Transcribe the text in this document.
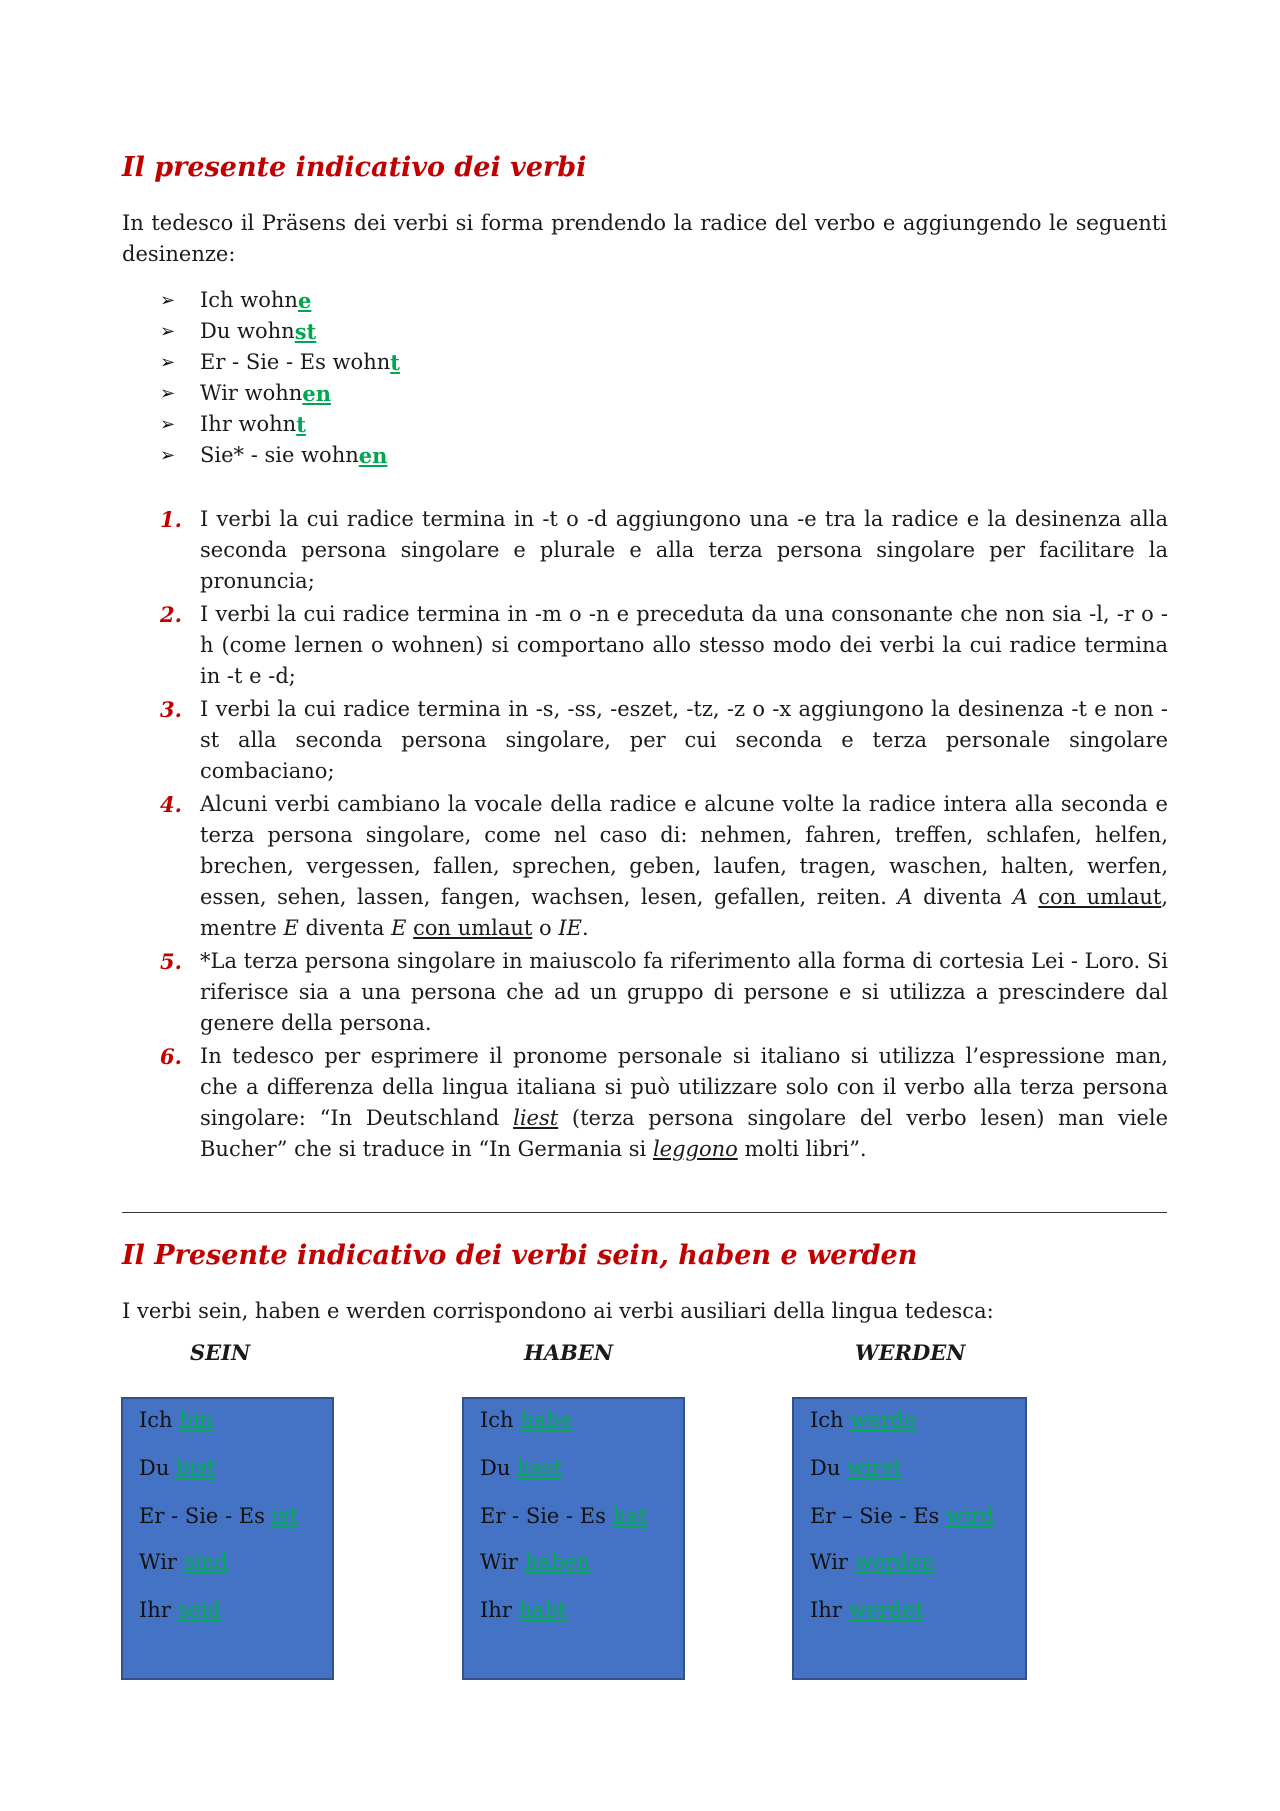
Il presente indicativo dei verbi

In tedesco il Präsens dei verbi si forma prendendo la radice del verbo e aggiungendo le seguenti desinenze:

➢	Ich wohn e
➢	Du wohn st
➢	Er - Sie - Es wohn t
➢	Wir wohn en
➢	Ihr wohn t
➢	Sie* - sie wohn en
1. I verbi la cui radice termina in -t o -d aggiungono una -e tra la radice e la desinenza alla seconda persona singolare e plurale e alla terza persona singolare per facilitare la pronuncia;
2. I verbi la cui radice termina in -m o -n e preceduta da una consonante che non sia -l, -r o -h (come lernen o wohnen) si comportano allo stesso modo dei verbi la cui radice termina in -t e -d;
3. I verbi la cui radice termina in -s, -ss, -eszet, -tz, -z o -x aggiungono la desinenza -t e non -st alla seconda persona singolare, per cui seconda e terza personale singolare combaciano;
4. Alcuni verbi cambiano la vocale della radice e alcune volte la radice intera alla seconda e terza persona singolare, come nel caso di: nehmen, fahren, treffen, schlafen, helfen, brechen, vergessen, fallen, sprechen, geben, laufen, tragen, waschen, halten, werfen, essen, sehen, lassen, fangen, wachsen, lesen, gefallen, reiten. A diventa A con umlaut, mentre E diventa E con umlaut o IE.
5. *La terza persona singolare in maiuscolo fa riferimento alla forma di cortesia Lei - Loro. Si riferisce sia a una persona che ad un gruppo di persone e si utilizza a prescindere dal genere della persona.
6. In tedesco per esprimere il pronome personale si italiano si utilizza l’espressione man, che a differenza della lingua italiana si può utilizzare solo con il verbo alla terza persona singolare: “In Deutschland liest (terza persona singolare del verbo lesen) man viele Bucher” che si traduce in “In Germania si leggono molti libri”.
Il Presente indicativo dei verbi sein, haben e werden

I verbi sein, haben e werden corrispondono ai verbi ausiliari della lingua tedesca:

SEIN	HABEN	WERDEN
Ich bin
Du bist
Er - Sie - Es ist
Wir sind
Ihr seid
Ich habe
Du hast
Er - Sie - Es hat
Wir haben
Ihr habt
Ich werde
Du wirst
Er – Sie - Es wird
Wir werden
Ihr werdet
